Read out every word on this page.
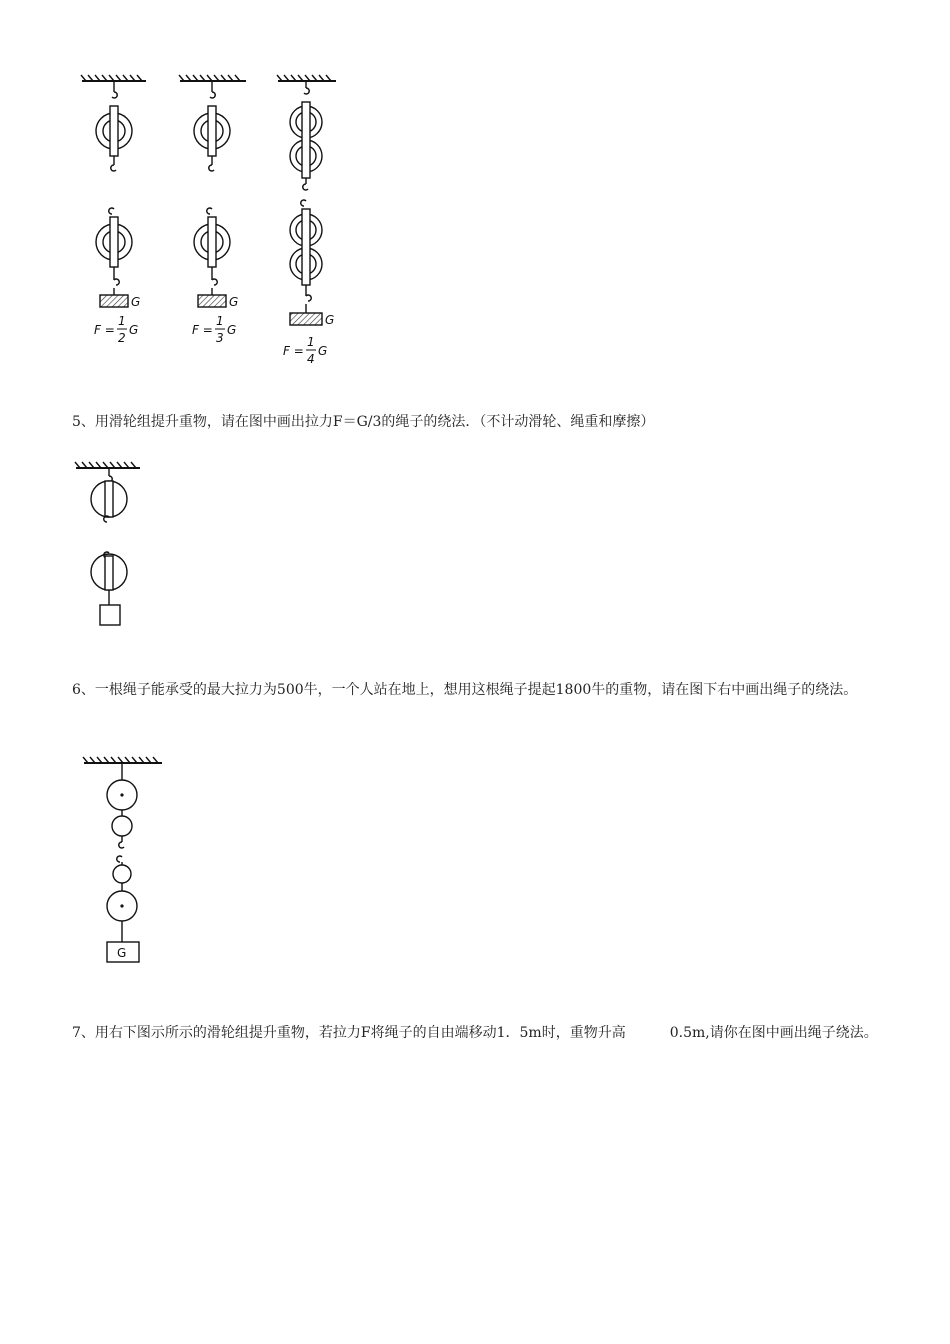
G
F =
1
2
G
G
F =
1
3
G
G
F =
1
4
G
G

5、用滑轮组提升重物，请在图中画出拉力F＝G/3的绳子的绕法．（不计动滑轮、绳重和摩擦）

6、一根绳子能承受的最大拉力为500牛，一个人站在地上，想用这根绳子提起1800牛的重物，请在图下右中画出绳子的绕法。

7、用右下图示所示的滑轮组提升重物，若拉力F将绳子的自由端移动1．5m时，重物升高	0.5m,请你在图中画出绳子绕法。
